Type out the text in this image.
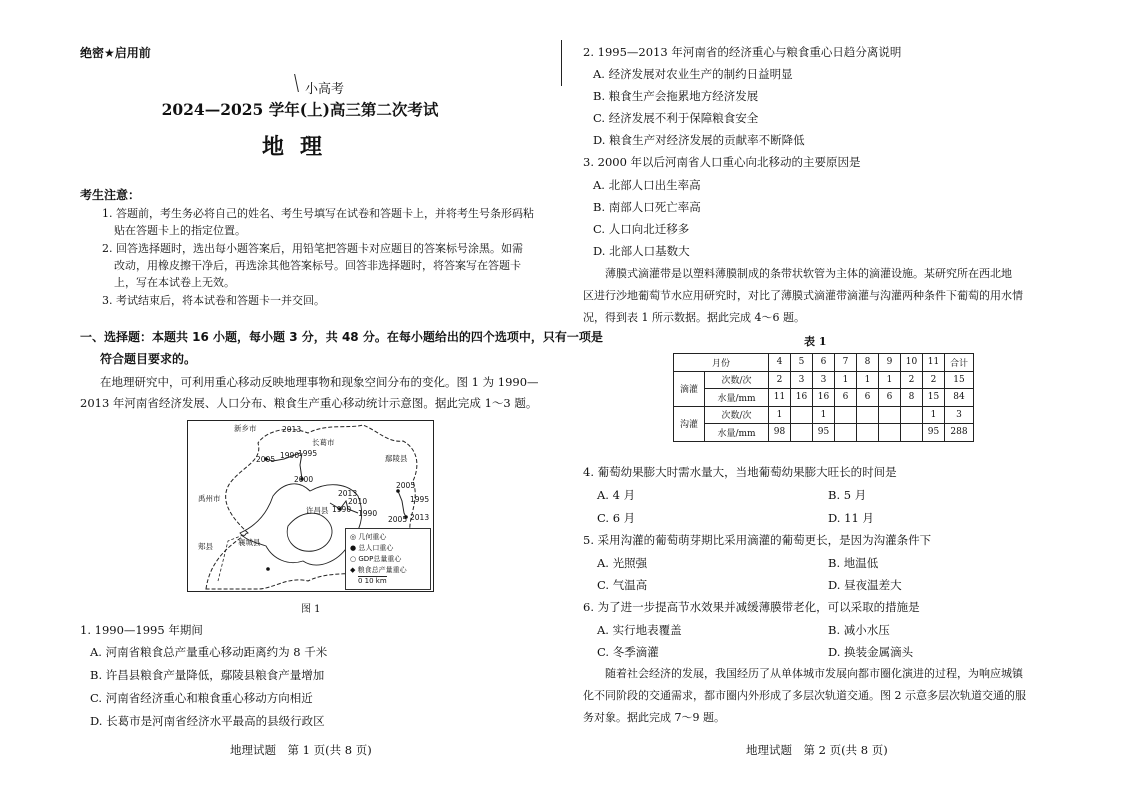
绝密★启用前
小高考
2024—2025 学年(上)高三第二次考试
地理
考生注意：
1. 答题前，考生务必将自己的姓名、考生号填写在试卷和答题卡上，并将考生号条形码粘
贴在答题卡上的指定位置。
2. 回答选择题时，选出每小题答案后，用铅笔把答题卡对应题目的答案标号涂黑。如需
改动，用橡皮擦干净后，再选涂其他答案标号。回答非选择题时，将答案写在答题卡
上，写在本试卷上无效。
3. 考试结束后，将本试卷和答题卡一并交回。
一、选择题：本题共 16 小题，每小题 3 分，共 48 分。在每小题给出的四个选项中，只有一项是
符合题目要求的。
在地理研究中，可利用重心移动反映地理事物和现象空间分布的变化。图 1 为 1990—
2013 年河南省经济发展、人口分布、粮食生产重心移动统计示意图。据此完成 1～3 题。
新乡市	2013
长葛市
鄢陵县
2005 1990
1995
2000
禹州市
2005
2013
2010
1990
1995
2005 2013
1990
许昌县
襄城县
郏县
◎ 几何重心
● 总人口重心
○ GDP总量重心
◆ 粮食总产量重心
0 10 km
图 1
1. 1990—1995 年期间
A. 河南省粮食总产量重心移动距离约为 8 千米
B. 许昌县粮食产量降低，鄢陵县粮食产量增加
C. 河南省经济重心和粮食重心移动方向相近
D. 长葛市是河南省经济水平最高的县级行政区
地理试题　第 1 页(共 8 页)
2. 1995—2013 年河南省的经济重心与粮食重心日趋分离说明
A. 经济发展对农业生产的制约日益明显
B. 粮食生产会拖累地方经济发展
C. 经济发展不利于保障粮食安全
D. 粮食生产对经济发展的贡献率不断降低
3. 2000 年以后河南省人口重心向北移动的主要原因是
A. 北部人口出生率高
B. 南部人口死亡率高
C. 人口向北迁移多
D. 北部人口基数大
薄膜式滴灌带是以塑料薄膜制成的条带状软管为主体的滴灌设施。某研究所在西北地
区进行沙地葡萄节水应用研究时，对比了薄膜式滴灌带滴灌与沟灌两种条件下葡萄的用水情
况，得到表 1 所示数据。据此完成 4～6 题。
表 1
月份		4	5	6	7	8	9	10	11	合计
滴灌	次数/次	2	3	3	1	1	1	2	2	15
	水量/mm	11	16	16	6	6	6	8	15	84
沟灌	次数/次	1		1					1	3
	水量/mm	98		95					95	288
4. 葡萄幼果膨大时需水量大，当地葡萄幼果膨大旺长的时间是
A. 4 月	B. 5 月
C. 6 月	D. 11 月
5. 采用沟灌的葡萄萌芽期比采用滴灌的葡萄更长，是因为沟灌条件下
A. 光照强	B. 地温低
C. 气温高	D. 昼夜温差大
6. 为了进一步提高节水效果并减缓薄膜带老化，可以采取的措施是
A. 实行地表覆盖	B. 减小水压
C. 冬季滴灌	D. 换装金属滴头
随着社会经济的发展，我国经历了从单体城市发展向都市圈化演进的过程，为响应城镇
化不同阶段的交通需求，都市圈内外形成了多层次轨道交通。图 2 示意多层次轨道交通的服
务对象。据此完成 7～9 题。
地理试题　第 2 页(共 8 页)
